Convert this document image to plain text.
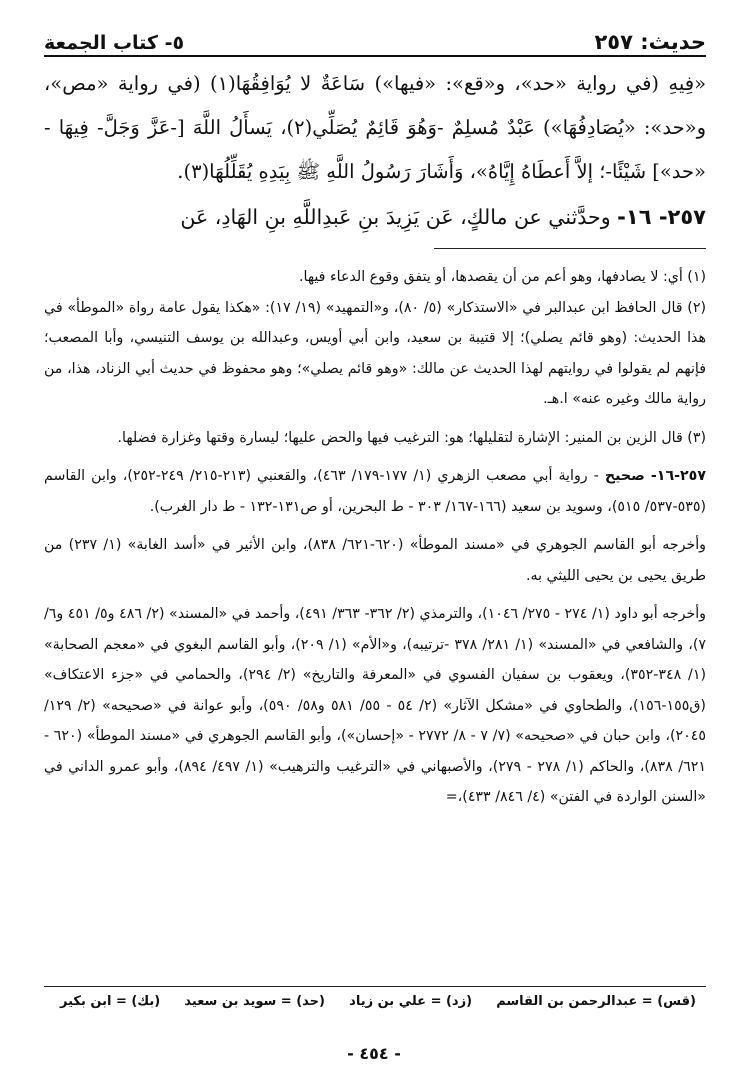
حديث: ٢٥٧
٥- كتاب الجمعة

«فِيهِ (في رواية «حد»، و«قع»: «فيها») سَاعَةٌ لا يُوَافِقُهَا(١) (في رواية «مص»، و«حد»: «يُصَادِفُهَا») عَبْدٌ مُسلِمٌ -وَهُوَ قَائِمٌ يُصَلِّي(٢)، يَسأَلُ اللَّهَ [-عَزَّ وَجَلَّ- فِيهَا - «حد»] شَيْئًا-؛ إلاَّ أَعطَاهُ إِيَّاهُ»، وَأَشَارَ رَسُولُ اللَّهِ ﷺ بِيَدِهِ يُقَلِّلُهَا(٣).

٢٥٧- ١٦- وحدَّثني عن مالكٍ، عَن يَزِيدَ بنِ عَبدِاللَّهِ بنِ الهَادِ، عَن

(١) أي: لا يصادفها، وهو أعم من أن يقصدها، أو يتفق وقوع الدعاء فيها.

(٢) قال الحافظ ابن عبدالبر في «الاستذكار» (٥/ ٨٠)، و«التمهيد» (١٩/ ١٧): «هكذا يقول عامة رواة «الموطأ» في هذا الحديث: (وهو قائم يصلي)؛ إلا قتيبة بن سعيد، وابن أبي أويس، وعبدالله بن يوسف التنيسي، وأبا المصعب؛ فإنهم لم يقولوا في روايتهم لهذا الحديث عن مالك: «وهو قائم يصلي»؛ وهو محفوظ في حديث أبي الزناد، هذا، من رواية مالك وغيره عنه» ا.هـ.

(٣) قال الزين بن المنير: الإشارة لتقليلها؛ هو: الترغيب فيها والحض عليها؛ ليسارة وقتها وغزارة فضلها.

٢٥٧-١٦- صحيح - رواية أبي مصعب الزهري (١/ ١٧٧-١٧٩/ ٤٦٣)، والقعنبي (٢١٣-٢١٥/ ٢٤٩-٢٥٢)، وابن القاسم (٥٣٥-٥٣٧/ ٥١٥)، وسويد بن سعيد (١٦٦-١٦٧/ ٣٠٣ - ط البحرين، أو ص١٣١-١٣٢ - ط دار الغرب).

وأخرجه أبو القاسم الجوهري في «مسند الموطأ» (٦٢٠-٦٢١/ ٨٣٨)، وابن الأثير في «أسد الغابة» (١/ ٢٣٧) من طريق يحيى بن يحيى الليثي به.

وأخرجه أبو داود (١/ ٢٧٤ - ٢٧٥/ ١٠٤٦)، والترمذي (٢/ ٣٦٢- ٣٦٣/ ٤٩١)، وأحمد في «المسند» (٢/ ٤٨٦ و٥/ ٤٥١ و٦/ ٧)، والشافعي في «المسند» (١/ ٢٨١/ ٣٧٨ -ترتيبه)، و«الأم» (١/ ٢٠٩)، وأبو القاسم البغوي في «معجم الصحابة» (١/ ٣٤٨-٣٥٢)، ويعقوب بن سفيان الفسوي في «المعرفة والتاريخ» (٢/ ٢٩٤)، والحمامي في «جزء الاعتكاف» (ق١٥٥-١٥٦)، والطحاوي في «مشكل الآثار» (٢/ ٥٤ - ٥٥/ ٥٨١ و٥٨/ ٥٩٠)، وأبو عوانة في «صحيحه» (٢/ ١٢٩/ ٢٠٤٥)، وابن حبان في «صحيحه» (٧/ ٧ - ٨/ ٢٧٧٢ - «إحسان»)، وأبو القاسم الجوهري في «مسند الموطأ» (٦٢٠ - ٦٢١/ ٨٣٨)، والحاكم (١/ ٢٧٨ - ٢٧٩)، والأصبهاني في «الترغيب والترهيب» (١/ ٤٩٧/ ٨٩٤)، وأبو عمرو الداني في «السنن الواردة في الفتن» (٤/ ٨٤٦/ ٤٣٣)،=

(قس) = عبدالرحمن بن القاسم
(زد) = علي بن زياد
(حد) = سويد بن سعيد
(بك) = ابن بكير
- ٤٥٤ -
